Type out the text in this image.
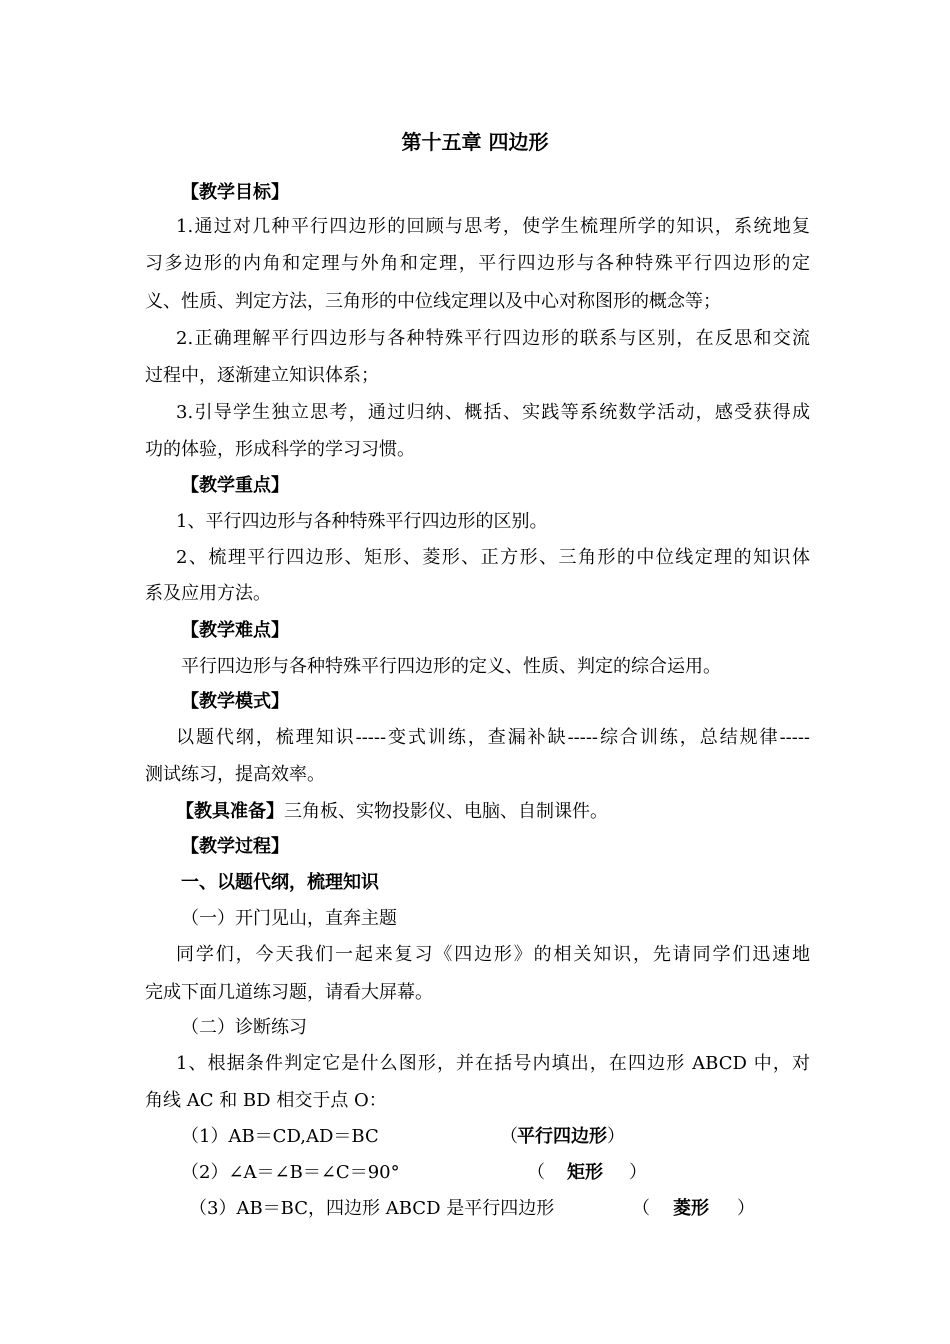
第十五章 四边形
【教学目标】
1.通过对几种平行四边形的回顾与思考，使学生梳理所学的知识，系统地复
习多边形的内角和定理与外角和定理，平行四边形与各种特殊平行四边形的定
义、性质、判定方法，三角形的中位线定理以及中心对称图形的概念等；
2.正确理解平行四边形与各种特殊平行四边形的联系与区别，在反思和交流
过程中，逐渐建立知识体系；
3.引导学生独立思考，通过归纳、概括、实践等系统数学活动，感受获得成
功的体验，形成科学的学习习惯。
【教学重点】
1、平行四边形与各种特殊平行四边形的区别。
2、梳理平行四边形、矩形、菱形、正方形、三角形的中位线定理的知识体
系及应用方法。
【教学难点】
平行四边形与各种特殊平行四边形的定义、性质、判定的综合运用。
【教学模式】
以题代纲，梳理知识-----变式训练，查漏补缺-----综合训练，总结规律-----
测试练习，提高效率。
【教具准备】三角板、实物投影仪、电脑、自制课件。
【教学过程】
一、以题代纲，梳理知识
（一）开门见山，直奔主题
同学们，今天我们一起来复习《四边形》的相关知识，先请同学们迅速地
完成下面几道练习题，请看大屏幕。
（二）诊断练习
1、根据条件判定它是什么图形，并在括号内填出，在四边形 ABCD 中，对
角线 AC 和 BD 相交于点 O：
（1）AB＝CD,AD＝BC	（ 平行四边形 ）
（2）∠A＝∠B＝∠C＝90°	（ 矩形 ）
（3）AB＝BC，四边形 ABCD 是平行四边形	（ 菱形 ）
